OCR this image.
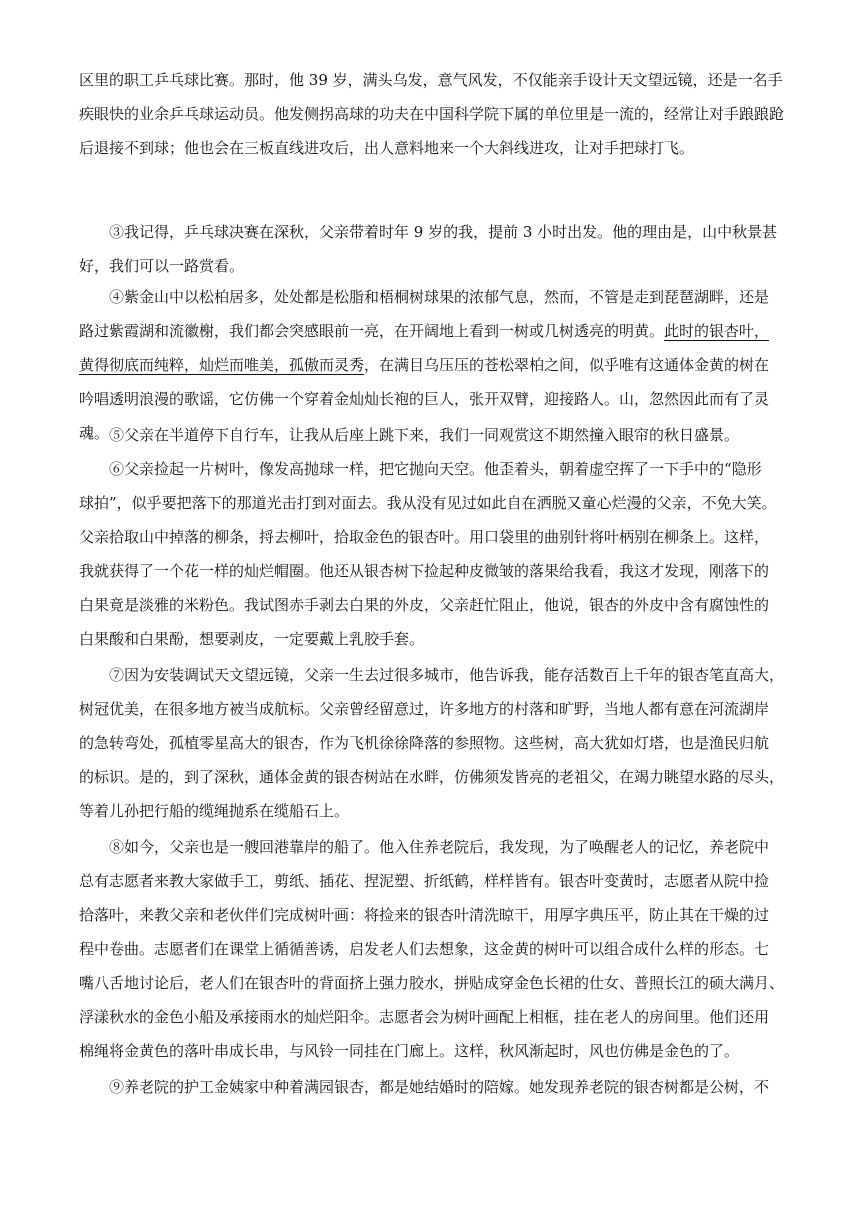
区里的职工乒乓球比赛。那时，他 39 岁，满头乌发，意气风发，不仅能亲手设计天文望远镜，还是一名手
疾眼快的业余乒乓球运动员。他发侧拐高球的功夫在中国科学院下属的单位里是一流的，经常让对手踉踉跄
后退接不到球；他也会在三板直线进攻后，出人意料地来一个大斜线进攻，让对手把球打飞。
③我记得，乒乓球决赛在深秋，父亲带着时年 9 岁的我，提前 3 小时出发。他的理由是，山中秋景甚
好，我们可以一路赏看。
④紫金山中以松柏居多，处处都是松脂和梧桐树球果的浓郁气息，然而，不管是走到琵琶湖畔，还是
路过紫霞湖和流徽榭，我们都会突感眼前一亮，在开阔地上看到一树或几树透亮的明黄。此时的银杏叶，
黄得彻底而纯粹，灿烂而唯美，孤傲而灵秀，在满目乌压压的苍松翠柏之间，似乎唯有这通体金黄的树在
吟唱透明浪漫的歌谣，它仿佛一个穿着金灿灿长袍的巨人，张开双臂，迎接路人。山，忽然因此而有了灵
魂。 ⑤父亲在半道停下自行车，让我从后座上跳下来，我们一同观赏这不期然撞入眼帘的秋日盛景。
⑥父亲捡起一片树叶，像发高抛球一样，把它抛向天空。他歪着头，朝着虚空挥了一下手中的“隐形
球拍”，似乎要把落下的那道光击打到对面去。我从没有见过如此自在洒脱又童心烂漫的父亲，不免大笑。
父亲拾取山中掉落的柳条，捋去柳叶，拾取金色的银杏叶。用口袋里的曲别针将叶柄别在柳条上。这样，
我就获得了一个花一样的灿烂帽圈。他还从银杏树下捡起种皮微皱的落果给我看，我这才发现，刚落下的
白果竟是淡雅的米粉色。我试图赤手剥去白果的外皮，父亲赶忙阻止，他说，银杏的外皮中含有腐蚀性的
白果酸和白果酚，想要剥皮，一定要戴上乳胶手套。
⑦因为安装调试天文望远镜，父亲一生去过很多城市，他告诉我，能存活数百上千年的银杏笔直高大，
树冠优美，在很多地方被当成航标。父亲曾经留意过，许多地方的村落和旷野，当地人都有意在河流湖岸
的急转弯处，孤植零星高大的银杏，作为飞机徐徐降落的参照物。这些树，高大犹如灯塔，也是渔民归航
的标识。是的，到了深秋，通体金黄的银杏树站在水畔，仿佛须发皆亮的老祖父，在竭力眺望水路的尽头，
等着儿孙把行船的缆绳抛系在缆船石上。
⑧如今，父亲也是一艘回港靠岸的船了。他入住养老院后，我发现，为了唤醒老人的记忆，养老院中
总有志愿者来教大家做手工，剪纸、插花、捏泥塑、折纸鹤，样样皆有。银杏叶变黄时，志愿者从院中捡
拾落叶，来教父亲和老伙伴们完成树叶画：将捡来的银杏叶清洗晾干，用厚字典压平，防止其在干燥的过
程中卷曲。志愿者们在课堂上循循善诱，启发老人们去想象，这金黄的树叶可以组合成什么样的形态。七
嘴八舌地讨论后，老人们在银杏叶的背面挤上强力胶水，拼贴成穿金色长裙的仕女、普照长江的硕大满月、
浮漾秋水的金色小船及承接雨水的灿烂阳伞。志愿者会为树叶画配上相框，挂在老人的房间里。他们还用
棉绳将金黄色的落叶串成长串，与风铃一同挂在门廊上。这样，秋风渐起时，风也仿佛是金色的了。
⑨养老院的护工金姨家中种着满园银杏，都是她结婚时的陪嫁。她发现养老院的银杏树都是公树，不
